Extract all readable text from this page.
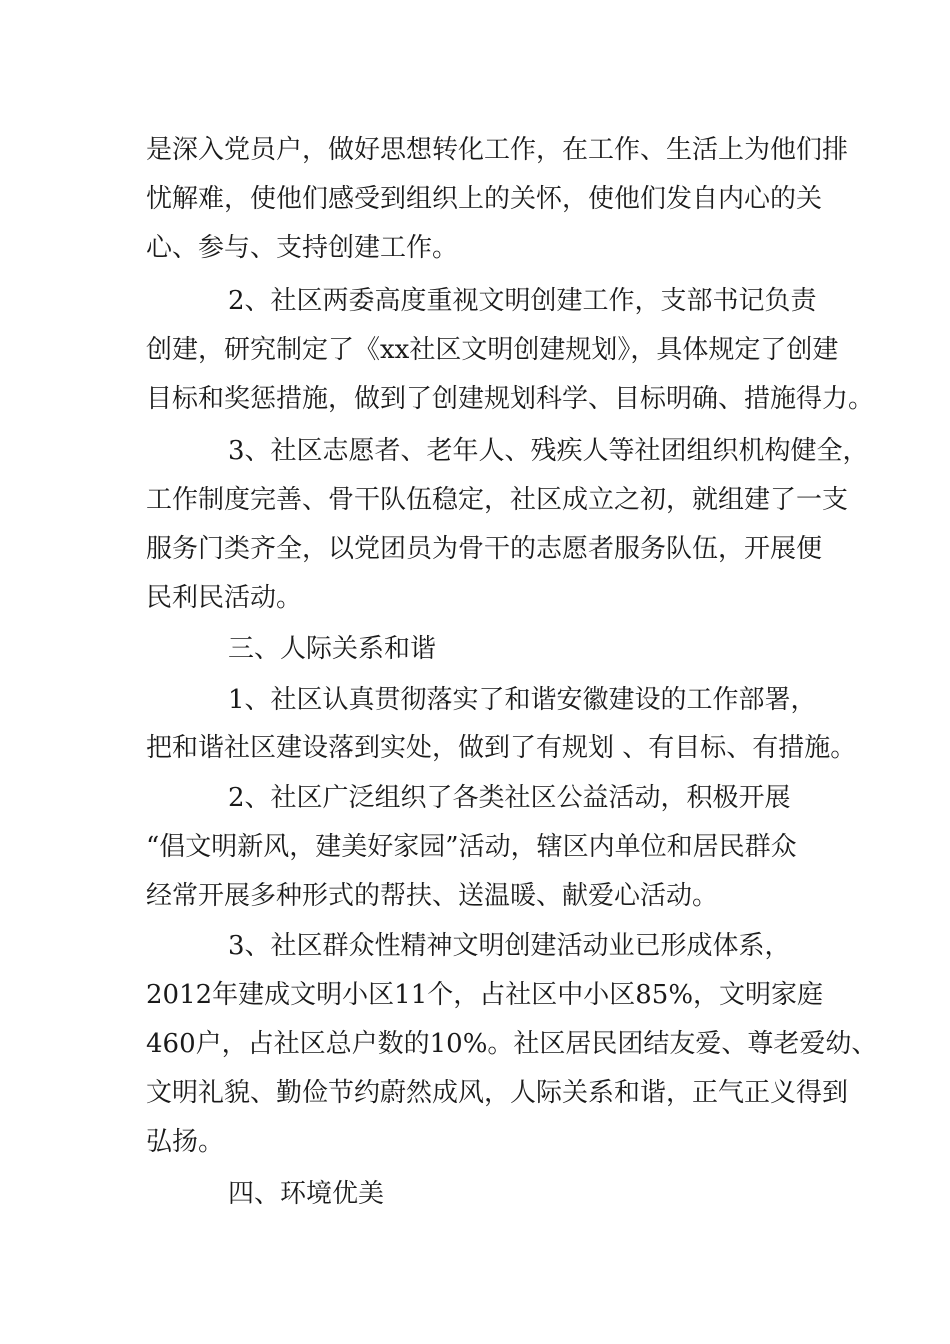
是深入党员户，做好思想转化工作，在工作、生活上为他们排
忧解难，使他们感受到组织上的关怀，使他们发自内心的关
心、参与、支持创建工作。
2、社区两委高度重视文明创建工作，支部书记负责
创建，研究制定了《xx社区文明创建规划》，具体规定了创建
目标和奖惩措施，做到了创建规划科学、目标明确、措施得力。
3、社区志愿者、老年人、残疾人等社团组织机构健全，
工作制度完善、骨干队伍稳定，社区成立之初，就组建了一支
服务门类齐全，以党团员为骨干的志愿者服务队伍，开展便
民利民活动。
三、人际关系和谐
1、社区认真贯彻落实了和谐安徽建设的工作部署，
把和谐社区建设落到实处，做到了有规划 、有目标、有措施。
2、社区广泛组织了各类社区公益活动，积极开展
“倡文明新风，建美好家园”活动，辖区内单位和居民群众
经常开展多种形式的帮扶、送温暖、献爱心活动。
3、社区群众性精神文明创建活动业已形成体系，
2012年建成文明小区11个，占社区中小区85%，文明家庭
460户，占社区总户数的10%。社区居民团结友爱、尊老爱幼、
文明礼貌、勤俭节约蔚然成风，人际关系和谐，正气正义得到
弘扬。
四、环境优美
